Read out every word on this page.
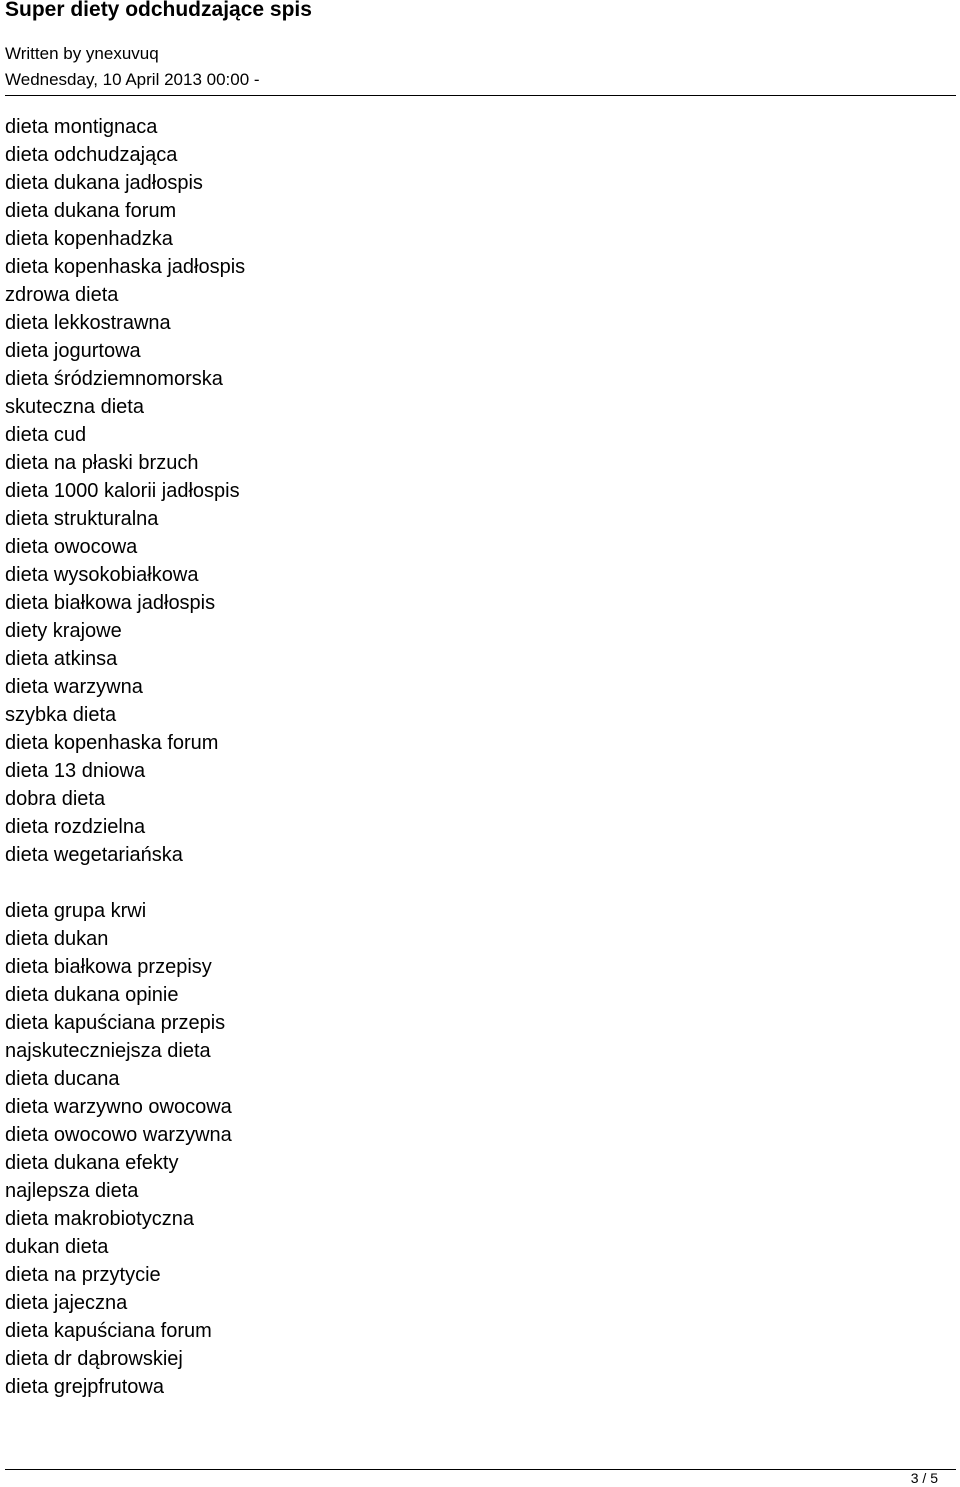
Super diety odchudzające spis
Written by ynexuvuq
Wednesday, 10 April 2013 00:00 -
dieta montignaca
dieta odchudzająca
dieta dukana jadłospis
dieta dukana forum
dieta kopenhadzka
dieta kopenhaska jadłospis
zdrowa dieta
dieta lekkostrawna
dieta jogurtowa
dieta śródziemnomorska
skuteczna dieta
dieta cud
dieta na płaski brzuch
dieta 1000 kalorii jadłospis
dieta strukturalna
dieta owocowa
dieta wysokobiałkowa
dieta białkowa jadłospis
diety krajowe
dieta atkinsa
dieta warzywna
szybka dieta
dieta kopenhaska forum
dieta 13 dniowa
dobra dieta
dieta rozdzielna
dieta wegetariańska
dieta grupa krwi
dieta dukan
dieta białkowa przepisy
dieta dukana opinie
dieta kapuściana przepis
najskuteczniejsza dieta
dieta ducana
dieta warzywno owocowa
dieta owocowo warzywna
dieta dukana efekty
najlepsza dieta
dieta makrobiotyczna
dukan dieta
dieta na przytycie
dieta jajeczna
dieta kapuściana forum
dieta dr dąbrowskiej
dieta grejpfrutowa
3 / 5
